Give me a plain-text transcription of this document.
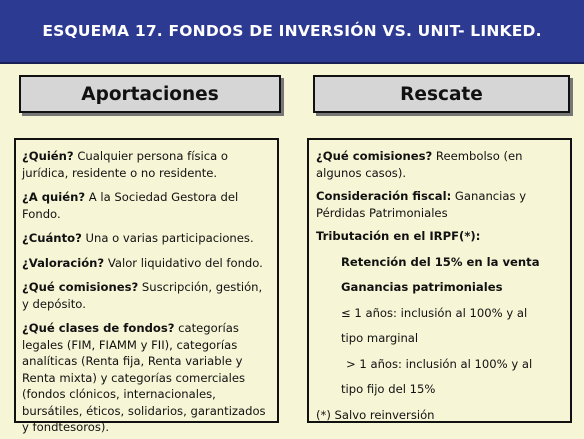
ESQUEMA 17. FONDOS DE INVERSIÓN VS. UNIT- LINKED.
Aportaciones	Rescate
¿Quién? Cualquier persona física o jurídica, residente o no residente.
¿A quién? A la Sociedad Gestora del Fondo.
¿Cuánto? Una o varias participaciones.
¿Valoración? Valor liquidativo del fondo.
¿Qué comisiones? Suscripción, gestión, y depósito.
¿Qué clases de fondos? categorías legales (FIM, FIAMM y FII), categorías analíticas (Renta fija, Renta variable y Renta mixta) y categorías comerciales (fondos clónicos, internacionales, bursátiles, éticos, solidarios, garantizados y fondtesoros).
¿Qué comisiones? Reembolso (en algunos casos).
Consideración fiscal: Ganancias y Pérdidas Patrimoniales
Tributación en el IRPF(*):
Retención del 15% en la venta
Ganancias patrimoniales
≤ 1 años: inclusión al 100% y al
tipo marginal
> 1 años: inclusión al 100% y al
tipo fijo del 15%
(*) Salvo reinversión
